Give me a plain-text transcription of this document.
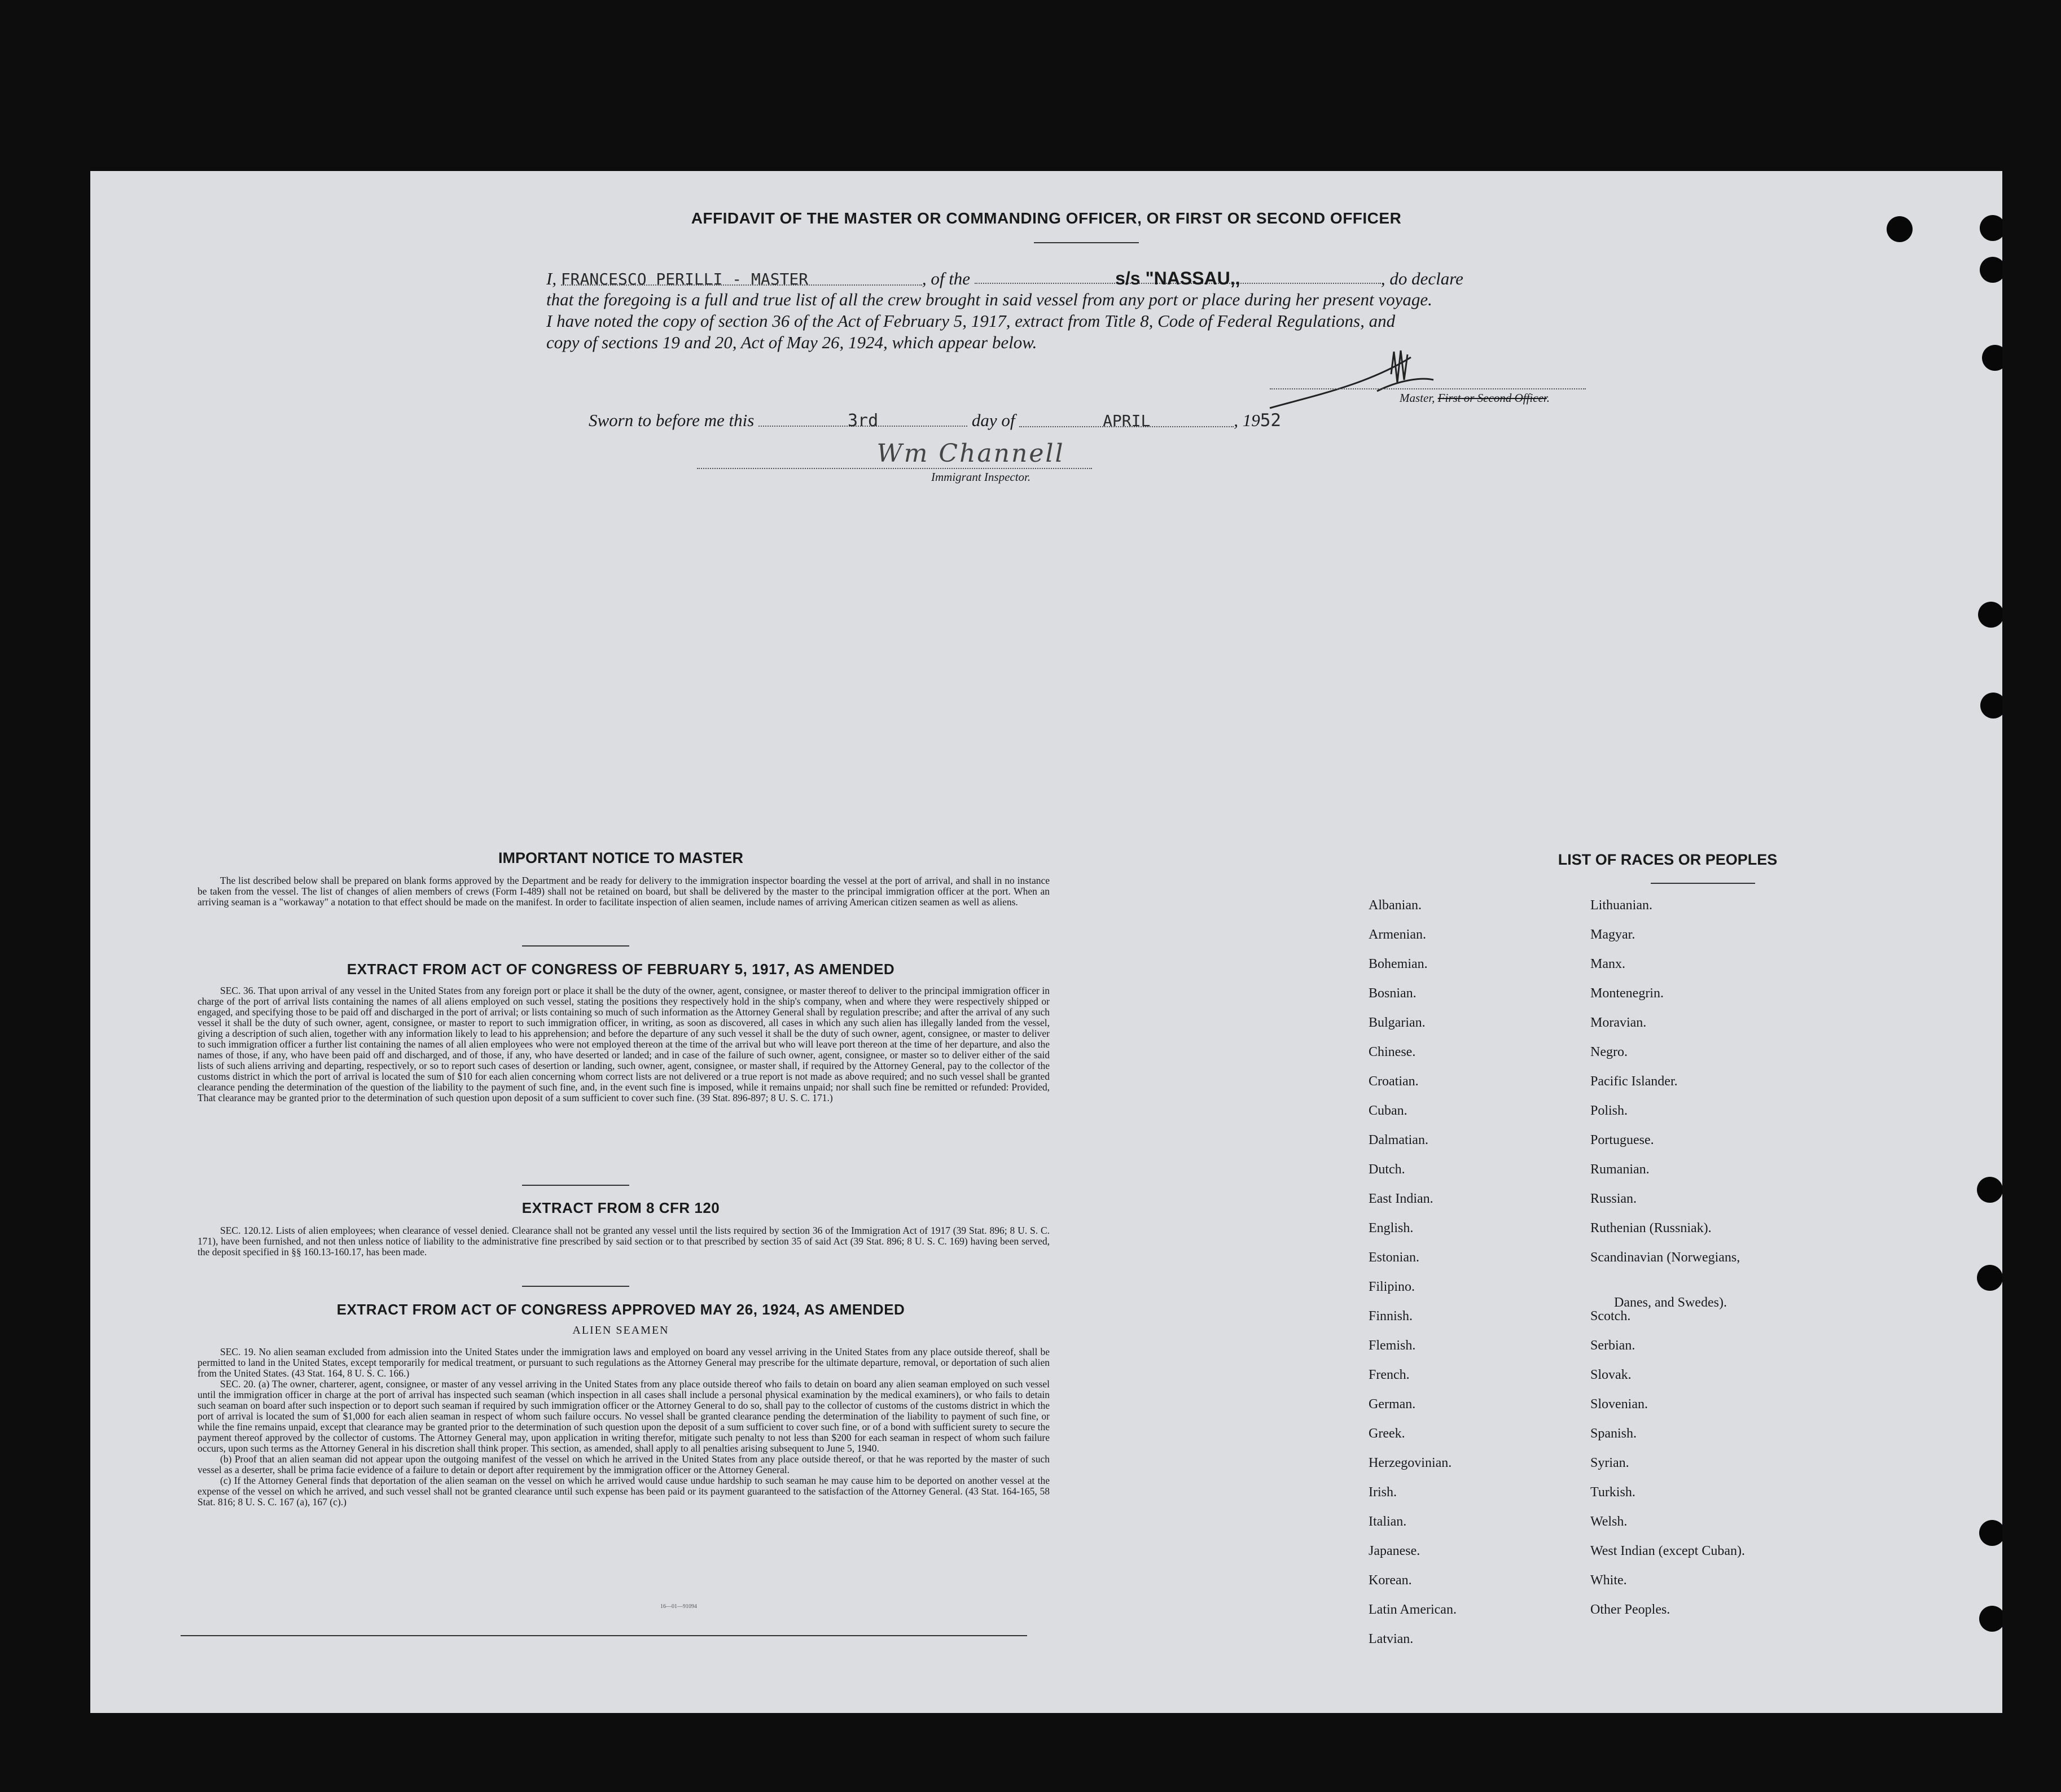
AFFIDAVIT OF THE MASTER OR COMMANDING OFFICER, OR FIRST OR SECOND OFFICER
I, FRANCESCO PERILLI - MASTER	, of the	s/s "NASSAU,,	, do declare
that the foregoing is a full and true list of all the crew brought in said vessel from any port or place during her present voyage.
I have noted the copy of section 36 of the Act of February 5, 1917, extract from Title 8, Code of Federal Regulations, and
copy of sections 19 and 20, Act of May 26, 1924, which appear below.
Master, First or Second Officer.
Sworn to before me this	3rd	day of	APRIL	, 1952
Wm Channell
Immigrant Inspector.
IMPORTANT NOTICE TO MASTER
The list described below shall be prepared on blank forms approved by the Department and be ready for delivery to the immigration inspector boarding the vessel at the port of arrival, and shall in no instance be taken from the vessel. The list of changes of alien members of crews (Form I-489) shall not be retained on board, but shall be delivered by the master to the principal immigration officer at the port. When an arriving seaman is a "workaway" a notation to that effect should be made on the manifest. In order to facilitate inspection of alien seamen, include names of arriving American citizen seamen as well as aliens.
EXTRACT FROM ACT OF CONGRESS OF FEBRUARY 5, 1917, AS AMENDED
SEC. 36. That upon arrival of any vessel in the United States from any foreign port or place it shall be the duty of the owner, agent, consignee, or master thereof to deliver to the principal immigration officer in charge of the port of arrival lists containing the names of all aliens employed on such vessel, stating the positions they respectively hold in the ship's company, when and where they were respectively shipped or engaged, and specifying those to be paid off and discharged in the port of arrival; or lists containing so much of such information as the Attorney General shall by regulation prescribe; and after the arrival of any such vessel it shall be the duty of such owner, agent, consignee, or master to report to such immigration officer, in writing, as soon as discovered, all cases in which any such alien has illegally landed from the vessel, giving a description of such alien, together with any information likely to lead to his apprehension; and before the departure of any such vessel it shall be the duty of such owner, agent, consignee, or master to deliver to such immigration officer a further list containing the names of all alien employees who were not employed thereon at the time of the arrival but who will leave port thereon at the time of her departure, and also the names of those, if any, who have been paid off and discharged, and of those, if any, who have deserted or landed; and in case of the failure of such owner, agent, consignee, or master so to deliver either of the said lists of such aliens arriving and departing, respectively, or so to report such cases of desertion or landing, such owner, agent, consignee, or master shall, if required by the Attorney General, pay to the collector of the customs district in which the port of arrival is located the sum of $10 for each alien concerning whom correct lists are not delivered or a true report is not made as above required; and no such vessel shall be granted clearance pending the determination of the question of the liability to the payment of such fine, and, in the event such fine is imposed, while it remains unpaid; nor shall such fine be remitted or refunded: Provided, That clearance may be granted prior to the determination of such question upon deposit of a sum sufficient to cover such fine. (39 Stat. 896-897; 8 U. S. C. 171.)
EXTRACT FROM 8 CFR 120
SEC. 120.12. Lists of alien employees; when clearance of vessel denied. Clearance shall not be granted any vessel until the lists required by section 36 of the Immigration Act of 1917 (39 Stat. 896; 8 U. S. C. 171), have been furnished, and not then unless notice of liability to the administrative fine prescribed by said section or to that prescribed by section 35 of said Act (39 Stat. 896; 8 U. S. C. 169) having been served, the deposit specified in §§ 160.13-160.17, has been made.
EXTRACT FROM ACT OF CONGRESS APPROVED MAY 26, 1924, AS AMENDED
ALIEN SEAMEN
SEC. 19. No alien seaman excluded from admission into the United States under the immigration laws and employed on board any vessel arriving in the United States from any place outside thereof, shall be permitted to land in the United States, except temporarily for medical treatment, or pursuant to such regulations as the Attorney General may prescribe for the ultimate departure, removal, or deportation of such alien from the United States. (43 Stat. 164, 8 U. S. C. 166.)
SEC. 20. (a) The owner, charterer, agent, consignee, or master of any vessel arriving in the United States from any place outside thereof who fails to detain on board any alien seaman employed on such vessel until the immigration officer in charge at the port of arrival has inspected such seaman (which inspection in all cases shall include a personal physical examination by the medical examiners), or who fails to detain such seaman on board after such inspection or to deport such seaman if required by such immigration officer or the Attorney General to do so, shall pay to the collector of customs of the customs district in which the port of arrival is located the sum of $1,000 for each alien seaman in respect of whom such failure occurs. No vessel shall be granted clearance pending the determination of the liability to payment of such fine, or while the fine remains unpaid, except that clearance may be granted prior to the determination of such question upon the deposit of a sum sufficient to cover such fine, or of a bond with sufficient surety to secure the payment thereof approved by the collector of customs. The Attorney General may, upon application in writing therefor, mitigate such penalty to not less than $200 for each seaman in respect of whom such failure occurs, upon such terms as the Attorney General in his discretion shall think proper. This section, as amended, shall apply to all penalties arising subsequent to June 5, 1940.
(b) Proof that an alien seaman did not appear upon the outgoing manifest of the vessel on which he arrived in the United States from any place outside thereof, or that he was reported by the master of such vessel as a deserter, shall be prima facie evidence of a failure to detain or deport after requirement by the immigration officer or the Attorney General.
(c) If the Attorney General finds that deportation of the alien seaman on the vessel on which he arrived would cause undue hardship to such seaman he may cause him to be deported on another vessel at the expense of the vessel on which he arrived, and such vessel shall not be granted clearance until such expense has been paid or its payment guaranteed to the satisfaction of the Attorney General. (43 Stat. 164-165, 58 Stat. 816; 8 U. S. C. 167 (a), 167 (c).)
16—01—91094
LIST OF RACES OR PEOPLES
Albanian.
Armenian.
Bohemian.
Bosnian.
Bulgarian.
Chinese.
Croatian.
Cuban.
Dalmatian.
Dutch.
East Indian.
English.
Estonian.
Filipino.
Finnish.
Flemish.
French.
German.
Greek.
Herzegovinian.
Irish.
Italian.
Japanese.
Korean.
Latin American.
Latvian.
Lithuanian.
Magyar.
Manx.
Montenegrin.
Moravian.
Negro.
Pacific Islander.
Polish.
Portuguese.
Rumanian.
Russian.
Ruthenian (Russniak).
Scandinavian (Norwegians,
Danes, and Swedes).
Scotch.
Serbian.
Slovak.
Slovenian.
Spanish.
Syrian.
Turkish.
Welsh.
West Indian (except Cuban).
White.
Other Peoples.
